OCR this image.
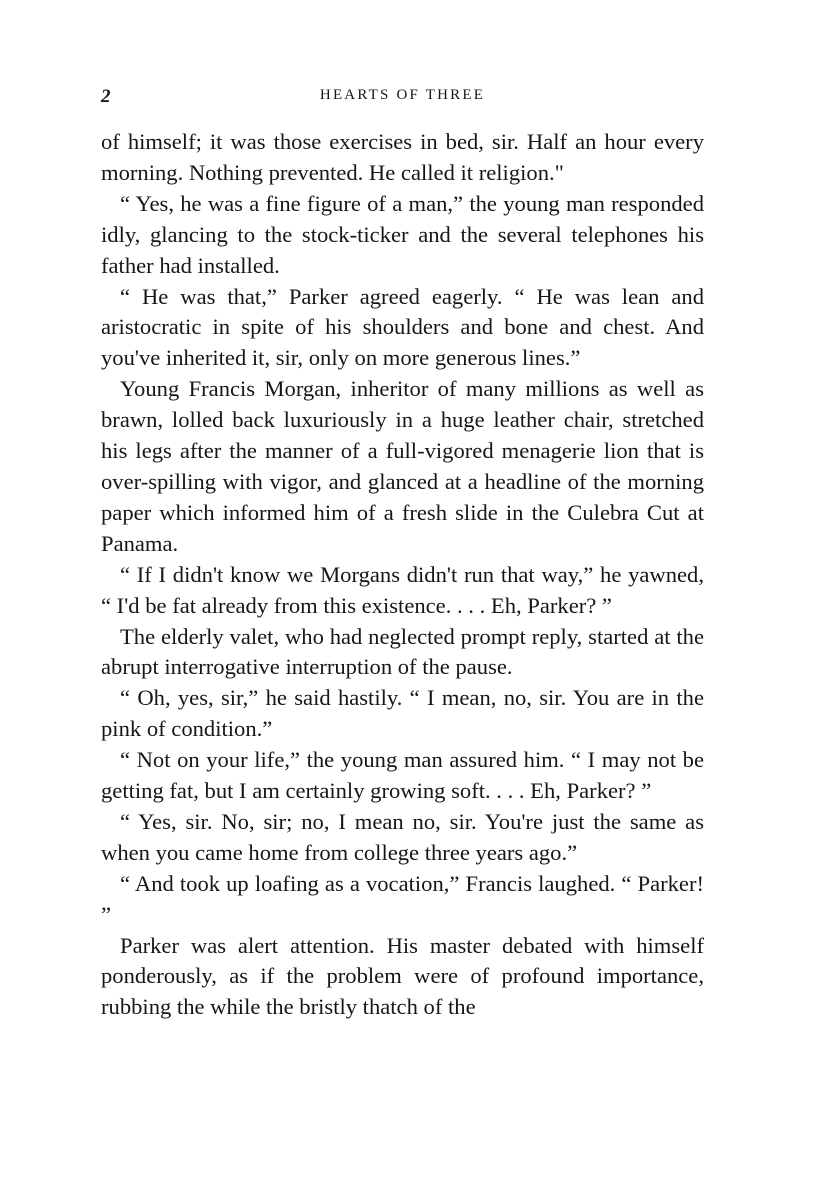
2	HEARTS OF THREE

of himself; it was those exercises in bed, sir. Half an hour every morning. Nothing prevented. He called it religion."

“ Yes, he was a fine figure of a man,” the young man responded idly, glancing to the stock-ticker and the several telephones his father had installed.

“ He was that,” Parker agreed eagerly. “ He was lean and aristocratic in spite of his shoulders and bone and chest. And you've inherited it, sir, only on more generous lines.”

Young Francis Morgan, inheritor of many millions as well as brawn, lolled back luxuriously in a huge leather chair, stretched his legs after the manner of a full-vigored menagerie lion that is over-spilling with vigor, and glanced at a headline of the morning paper which informed him of a fresh slide in the Culebra Cut at Panama.

“ If I didn't know we Morgans didn't run that way,” he yawned, “ I'd be fat already from this existence. . . . Eh, Parker? ”

The elderly valet, who had neglected prompt reply, started at the abrupt interrogative interruption of the pause.

“ Oh, yes, sir,” he said hastily. “ I mean, no, sir. You are in the pink of condition.”

“ Not on your life,” the young man assured him. “ I may not be getting fat, but I am certainly growing soft. . . . Eh, Parker? ”

“ Yes, sir. No, sir; no, I mean no, sir. You're just the same as when you came home from college three years ago.”

“ And took up loafing as a vocation,” Francis laughed. “ Parker! ”

Parker was alert attention. His master debated with himself ponderously, as if the problem were of profound importance, rubbing the while the bristly thatch of the
